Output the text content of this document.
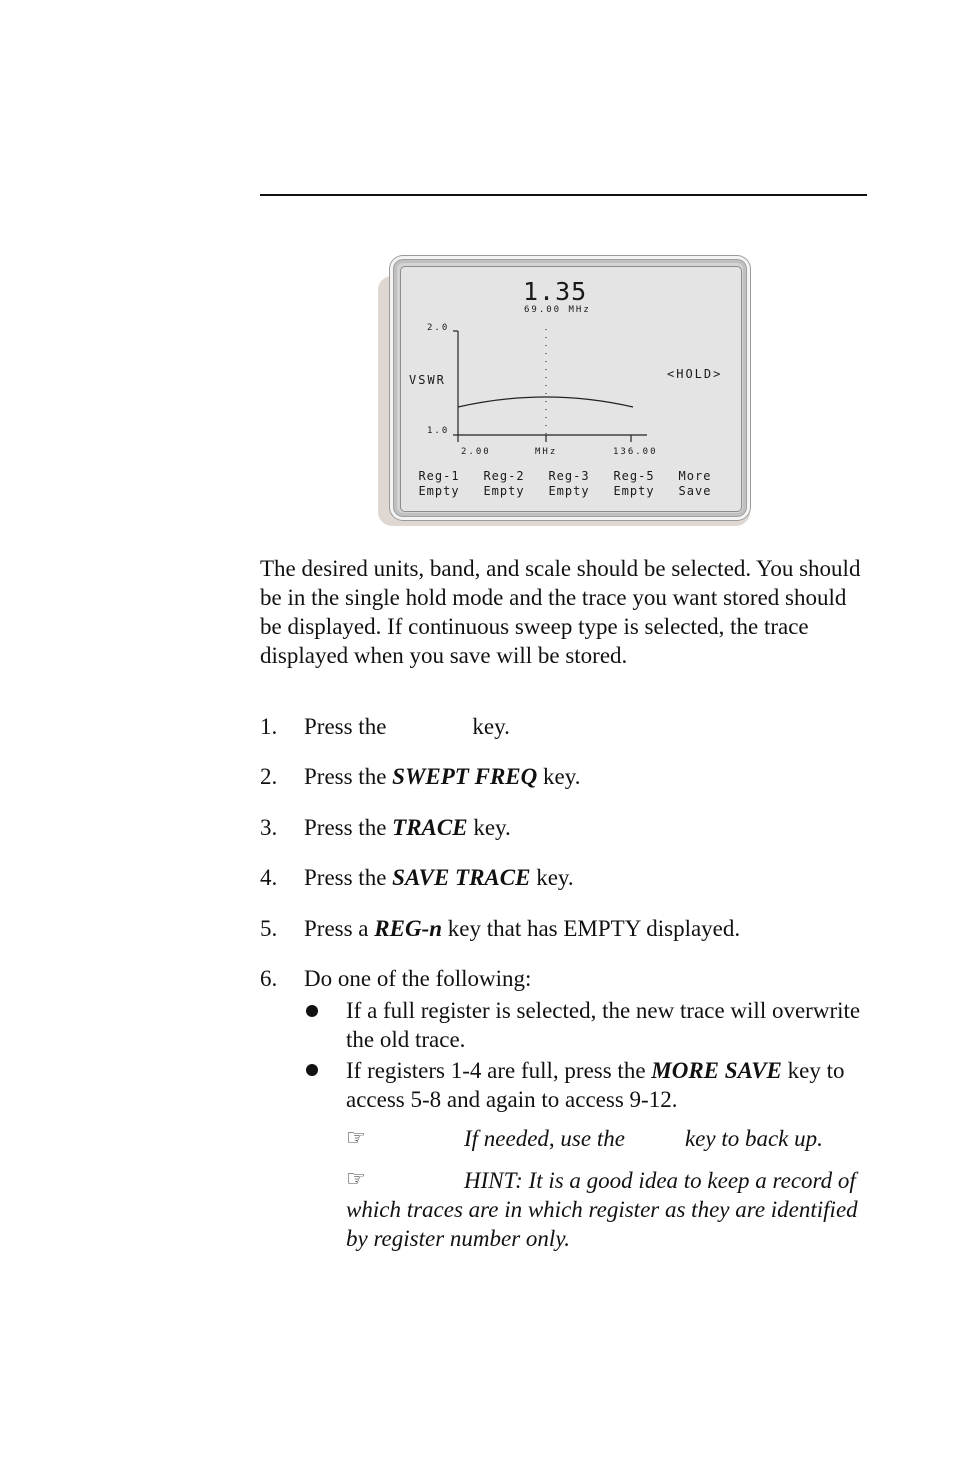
1.35
69.00 MHz
2.0
VSWR	<HOLD>
1.0
2.00	MHz	136.00
Reg-1
Empty
Reg-2
Empty
Reg-3
Empty
Reg-5
Empty
More
Save

The desired units, band, and scale should be selected. You should be in the single hold mode and the trace you want stored should be displayed. If continuous sweep type is selected, the trace displayed when you save will be stored.

1. Press the	key.
2. Press the SWEPT FREQ key.
3. Press the TRACE key.
4. Press the SAVE TRACE key.
5. Press a REG-n key that has EMPTY displayed.
6. Do one of the following:
If a full register is selected, the new trace will overwrite the old trace.
If registers 1-4 are full, press the MORE SAVE key to access 5-8 and again to access 9-12.
☞	If needed, use the	key to back up.
☞	HINT: It is a good idea to keep a record of which traces are in which register as they are identified by register number only.
